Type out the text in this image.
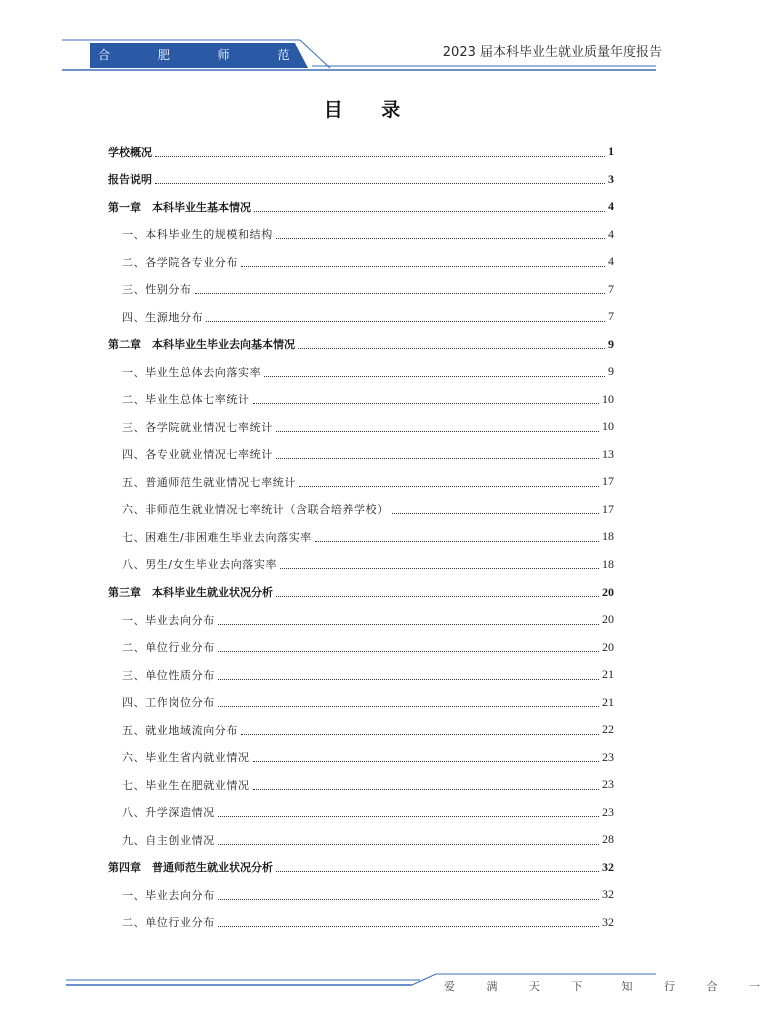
合 肥 师 范 学 院 2023 届本科毕业生就业质量年度报告
目 录
学校概况	1
报告说明	3
第一章　本科毕业生基本情况	4
一、本科毕业生的规模和结构	4
二、各学院各专业分布	4
三、性别分布	7
四、生源地分布	7
第二章　本科毕业生毕业去向基本情况	9
一、毕业生总体去向落实率	9
二、毕业生总体七率统计	10
三、各学院就业情况七率统计	10
四、各专业就业情况七率统计	13
五、普通师范生就业情况七率统计	17
六、非师范生就业情况七率统计（含联合培养学校）	17
七、困难生/非困难生毕业去向落实率	18
八、男生/女生毕业去向落实率	18
第三章　本科毕业生就业状况分析	20
一、毕业去向分布	20
二、单位行业分布	20
三、单位性质分布	21
四、工作岗位分布	21
五、就业地域流向分布	22
六、毕业生省内就业情况	23
七、毕业生在肥就业情况	23
八、升学深造情况	23
九、自主创业情况	28
第四章　普通师范生就业状况分析	32
一、毕业去向分布	32
二、单位行业分布	32
爱 满 天 下　知 行 合 一
